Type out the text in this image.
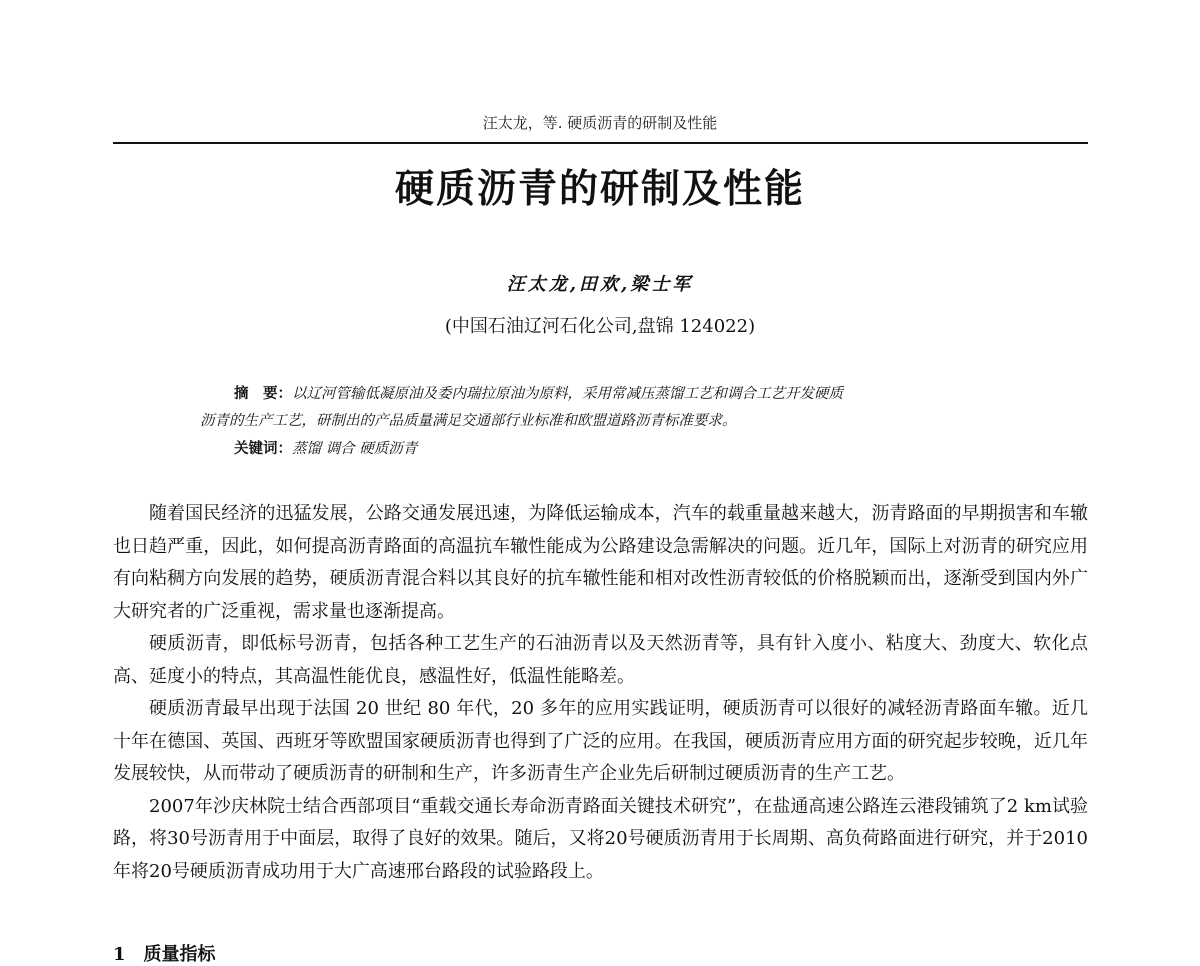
汪太龙，等. 硬质沥青的研制及性能
硬质沥青的研制及性能
汪太龙,田欢,梁士军
(中国石油辽河石化公司,盘锦 124022)
摘　要：以辽河管输低凝原油及委内瑞拉原油为原料，采用常减压蒸馏工艺和调合工艺开发硬质
沥青的生产工艺，研制出的产品质量满足交通部行业标准和欧盟道路沥青标准要求。
关键词：蒸馏 调合 硬质沥青

随着国民经济的迅猛发展，公路交通发展迅速，为降低运输成本，汽车的载重量越来越大，沥青路面的早期损害和车辙也日趋严重，因此，如何提高沥青路面的高温抗车辙性能成为公路建设急需解决的问题。近几年，国际上对沥青的研究应用有向粘稠方向发展的趋势，硬质沥青混合料以其良好的抗车辙性能和相对改性沥青较低的价格脱颖而出，逐渐受到国内外广大研究者的广泛重视，需求量也逐渐提高。

硬质沥青，即低标号沥青，包括各种工艺生产的石油沥青以及天然沥青等，具有针入度小、粘度大、劲度大、软化点高、延度小的特点，其高温性能优良，感温性好，低温性能略差。

硬质沥青最早出现于法国 20 世纪 80 年代，20 多年的应用实践证明，硬质沥青可以很好的减轻沥青路面车辙。近几十年在德国、英国、西班牙等欧盟国家硬质沥青也得到了广泛的应用。在我国，硬质沥青应用方面的研究起步较晚，近几年发展较快，从而带动了硬质沥青的研制和生产，许多沥青生产企业先后研制过硬质沥青的生产工艺。

2007年沙庆林院士结合西部项目“重载交通长寿命沥青路面关键技术研究”，在盐通高速公路连云港段铺筑了2 km试验路，将30号沥青用于中面层，取得了良好的效果。随后，又将20号硬质沥青用于长周期、高负荷路面进行研究，并于2010年将20号硬质沥青成功用于大广高速邢台路段的试验路段上。

1　质量指标
